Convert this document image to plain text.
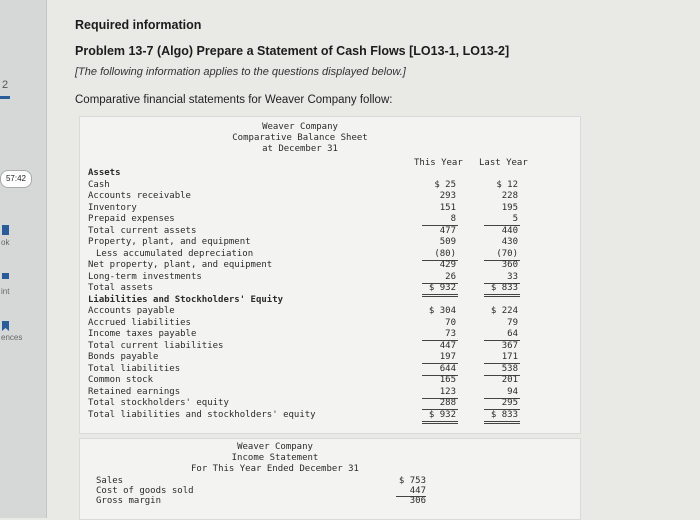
2
57:42
ok
int
ences
Required information
Problem 13-7 (Algo) Prepare a Statement of Cash Flows [LO13-1, LO13-2]
[The following information applies to the questions displayed below.]
Comparative financial statements for Weaver Company follow:
Weaver Company
Comparative Balance Sheet
at December 31
This Year Last Year
Assets
Cash	$ 25	$ 12
Accounts receivable	293	228
Inventory	151	195
Prepaid expenses	8	5
Total current assets	477	440
Property, plant, and equipment	509	430
Less accumulated depreciation	(80)	(70)
Net property, plant, and equipment	429	360
Long-term investments	26	33
Total assets	$ 932	$ 833
Liabilities and Stockholders' Equity
Accounts payable	$ 304	$ 224
Accrued liabilities	70	79
Income taxes payable	73	64
Total current liabilities	447	367
Bonds payable	197	171
Total liabilities	644	538
Common stock	165	201
Retained earnings	123	94
Total stockholders' equity	288	295
Total liabilities and stockholders' equity	$ 932	$ 833
Weaver Company
Income Statement
For This Year Ended December 31
Sales	$ 753
Cost of goods sold	447
Gross margin	306
